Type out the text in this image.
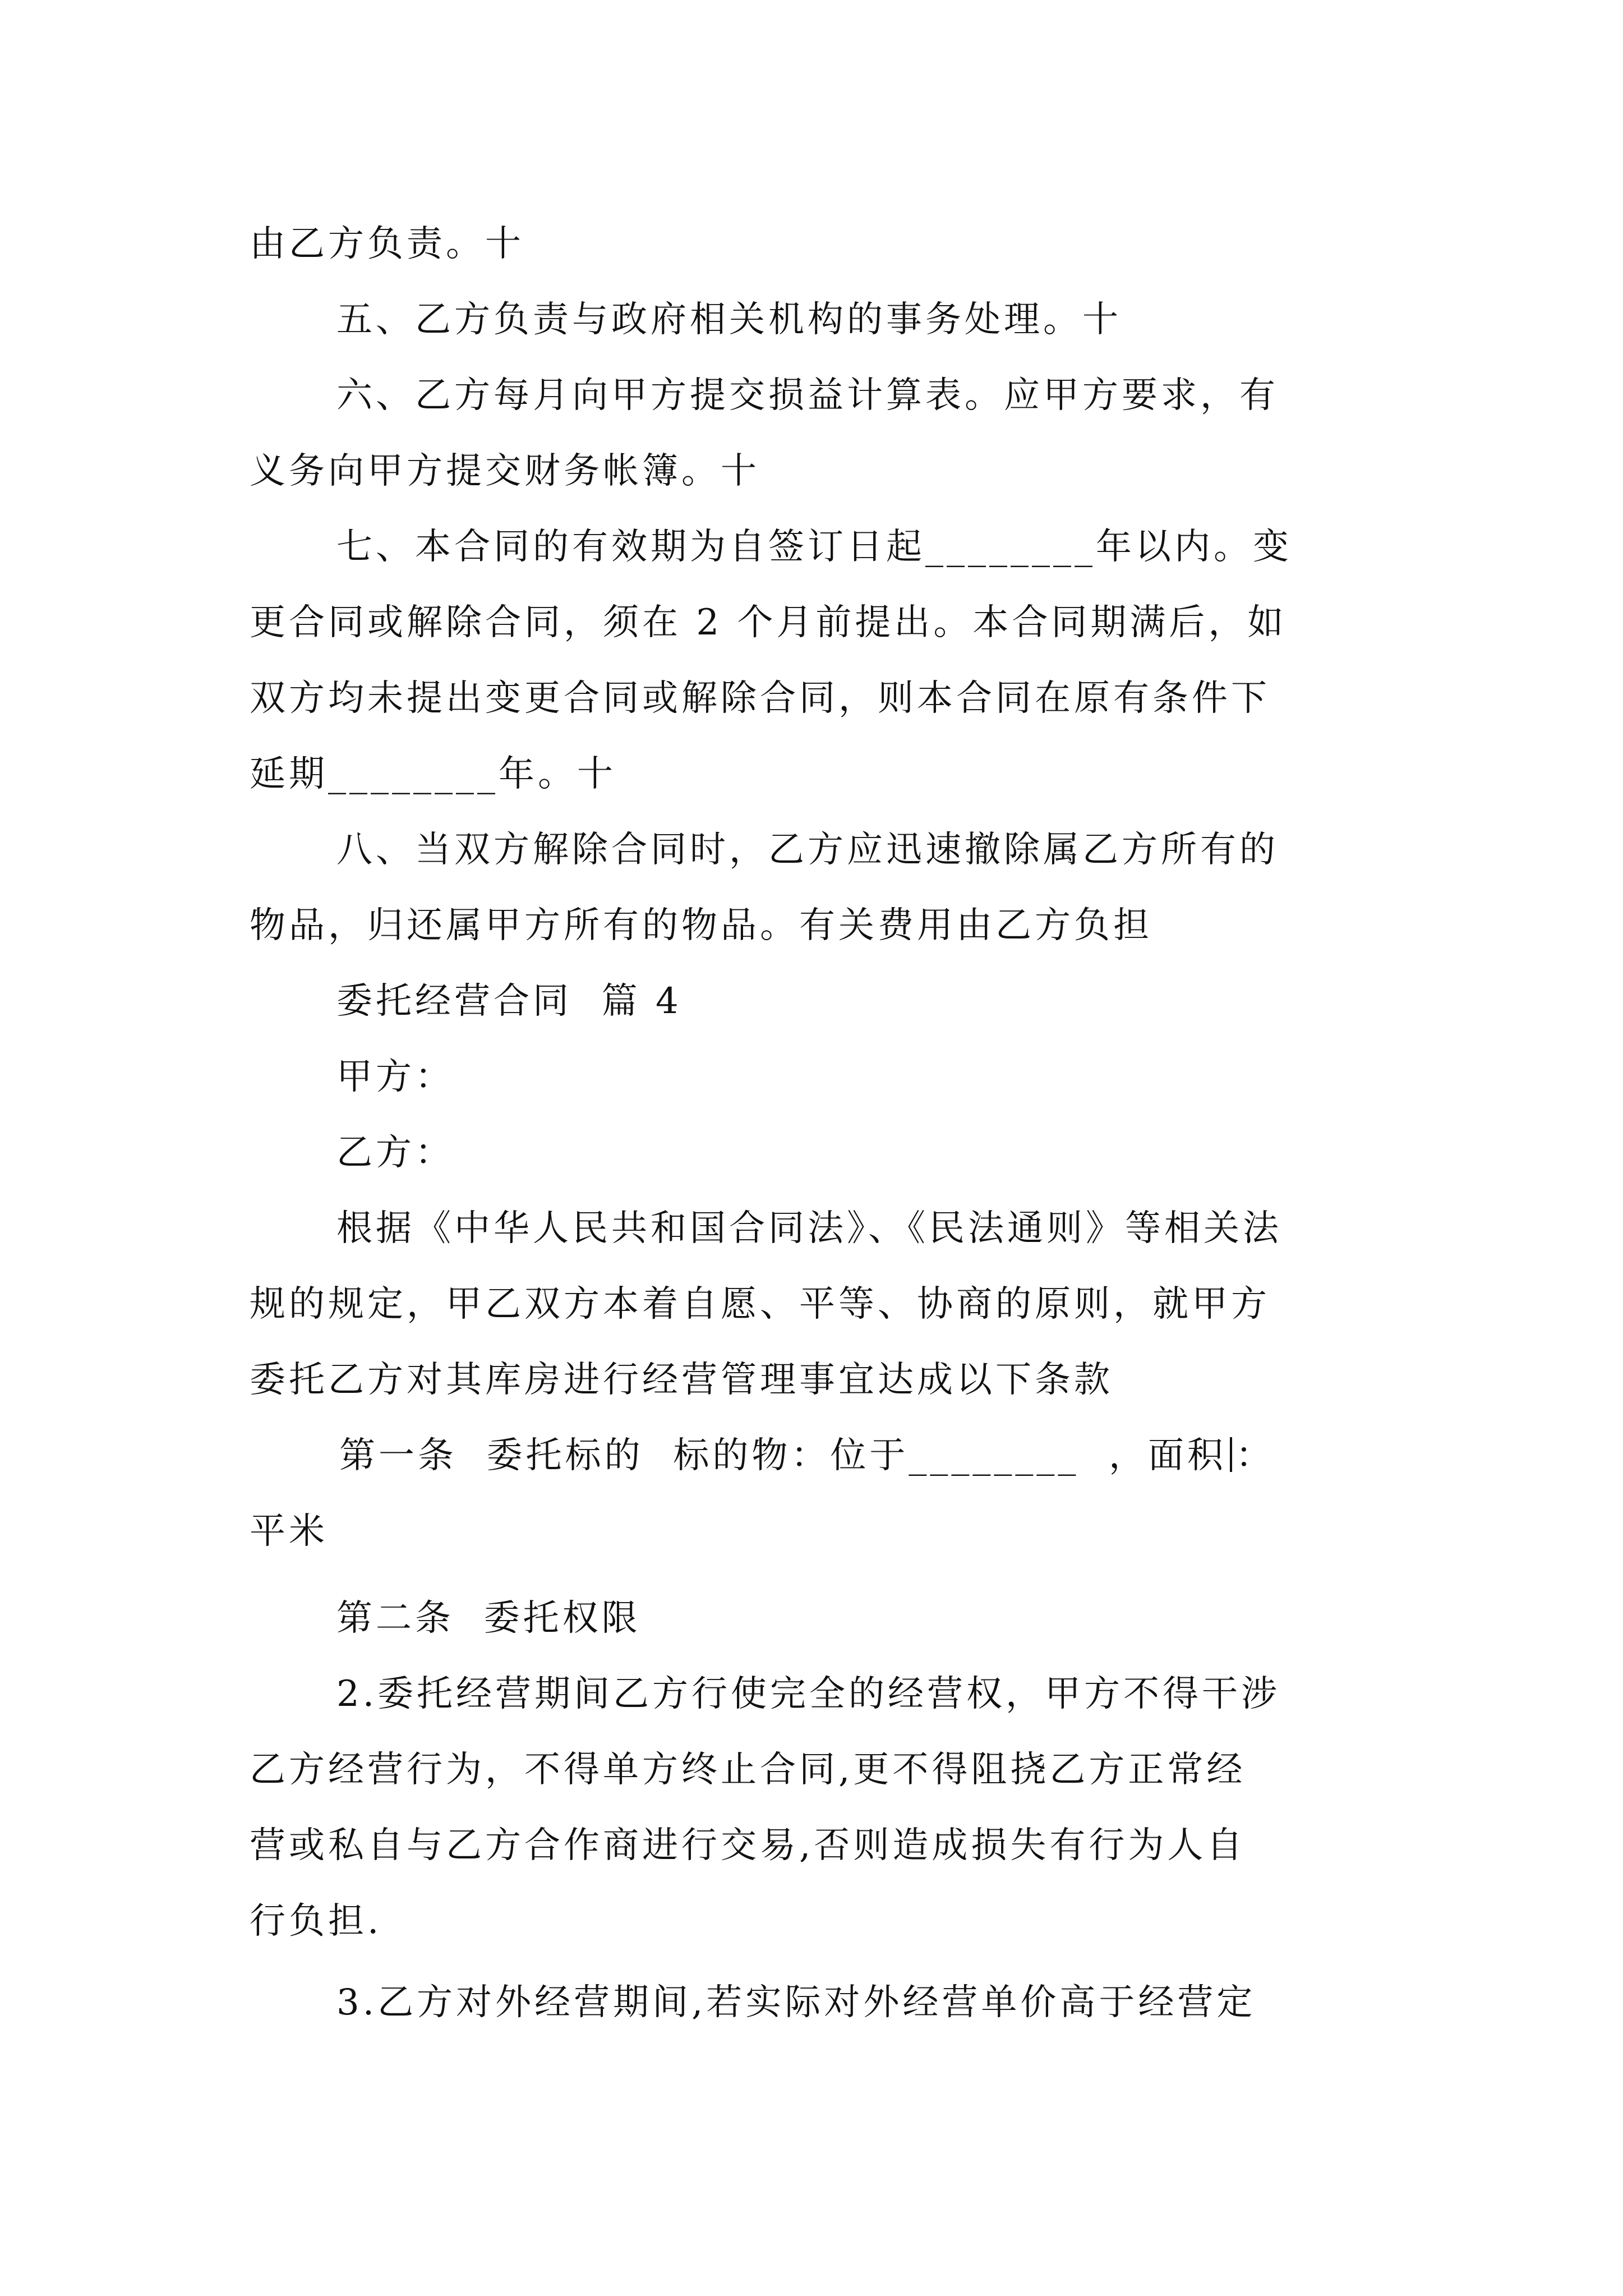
由乙方负责。十
五、乙方负责与政府相关机构的事务处理。十
六、乙方每月向甲方提交损益计算表。应甲方要求，有
义务向甲方提交财务帐簿。十
七、本合同的有效期为自签订日起________年以内。变
更合同或解除合同，须在 2 个月前提出。本合同期满后，如
双方均未提出变更合同或解除合同，则本合同在原有条件下
延期________年。十
八、当双方解除合同时，乙方应迅速撤除属乙方所有的
物品，归还属甲方所有的物品。有关费用由乙方负担
委托经营合同  篇 4
甲方：
乙方：
根据《中华人民共和国合同法》、《民法通则》等相关法
规的规定，甲乙双方本着自愿、平等、协商的原则，就甲方
委托乙方对其库房进行经营管理事宜达成以下条款
第一条  委托标的  标的物：位于________  ，面积 ：
平米
第二条  委托权限
2.委托经营期间乙方行使完全的经营权，甲方不得干涉
乙方经营行为，不得单方终止合同,更不得阻挠乙方正常经
营或私自与乙方合作商进行交易,否则造成损失有行为人自
行负担.
3.乙方对外经营期间,若实际对外经营单价高于经营定
